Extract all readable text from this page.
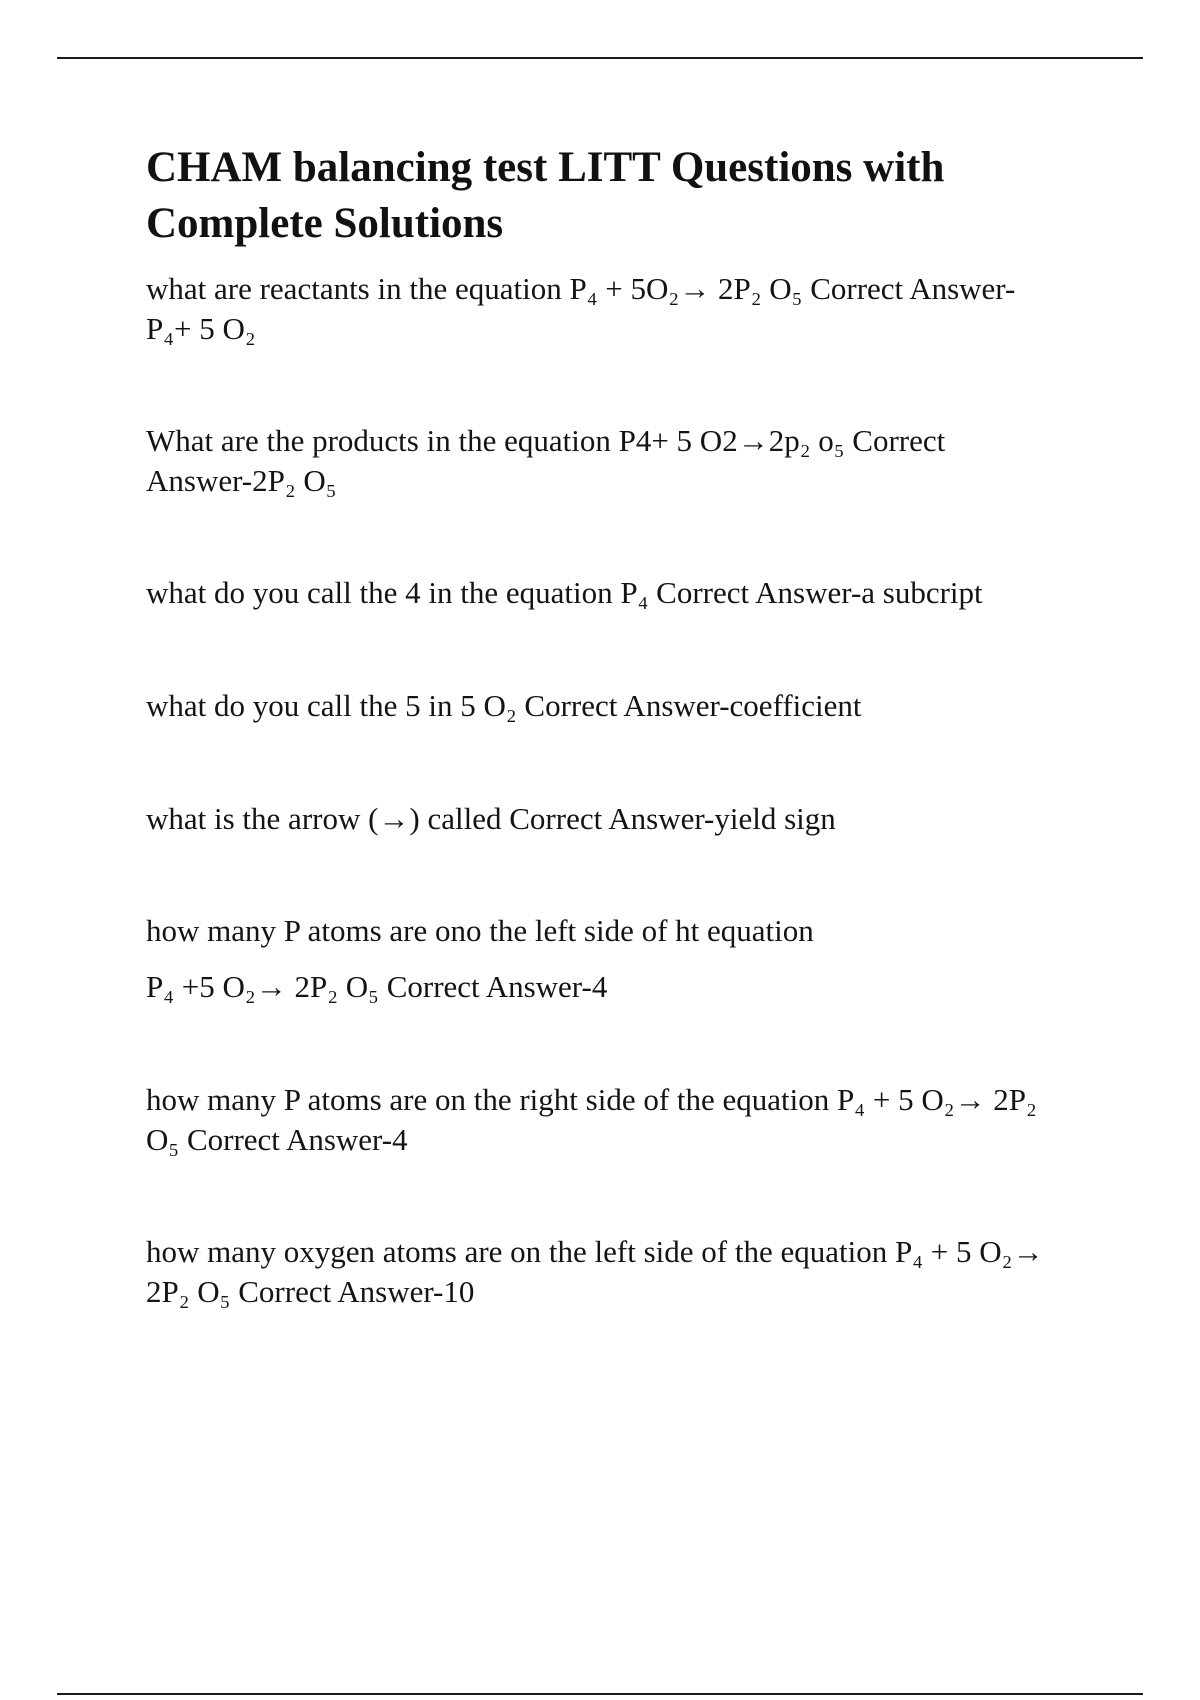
CHAM balancing test LITT Questions with Complete Solutions
what are reactants in the equation P₄ + 5O₂→ 2P₂ O₅ Correct Answer-
P₄+ 5 O₂
What are the products in the equation P4+ 5 O2→2p₂ o₅ Correct
Answer-2P₂ O₅
what do you call the 4 in the equation P₄ Correct Answer-a subcript
what do you call the 5 in 5 O₂ Correct Answer-coefficient
what is the arrow (→) called Correct Answer-yield sign
how many P atoms are ono the left side of ht equation
P₄ +5 O₂→ 2P₂ O₅ Correct Answer-4
how many P atoms are on the right side of the equation P₄ + 5 O₂→ 2P₂
O₅ Correct Answer-4
how many oxygen atoms are on the left side of the equation P₄ + 5 O₂→
2P₂ O₅ Correct Answer-10
